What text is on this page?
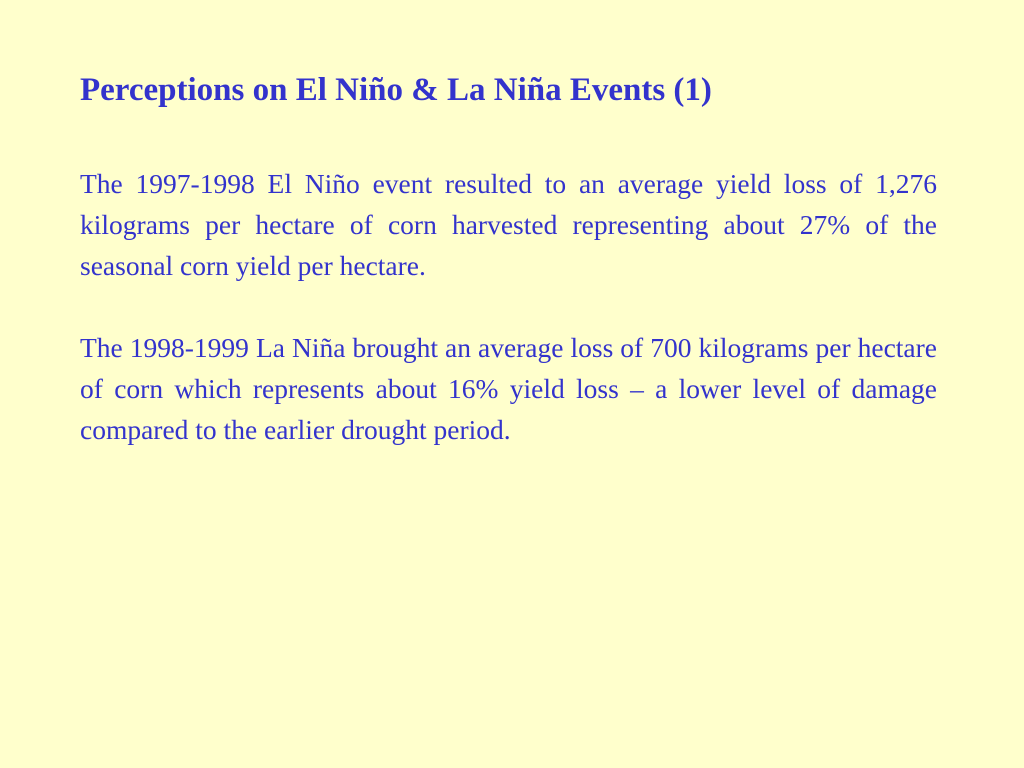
Perceptions on El Niño & La Niña Events (1)

The 1997-1998 El Niño event resulted to an average yield loss of 1,276 kilograms per hectare of corn harvested representing about 27% of the seasonal corn yield per hectare.

The 1998-1999 La Niña brought an average loss of 700 kilograms per hectare of corn which represents about 16% yield loss – a lower level of damage compared to the earlier drought period.
